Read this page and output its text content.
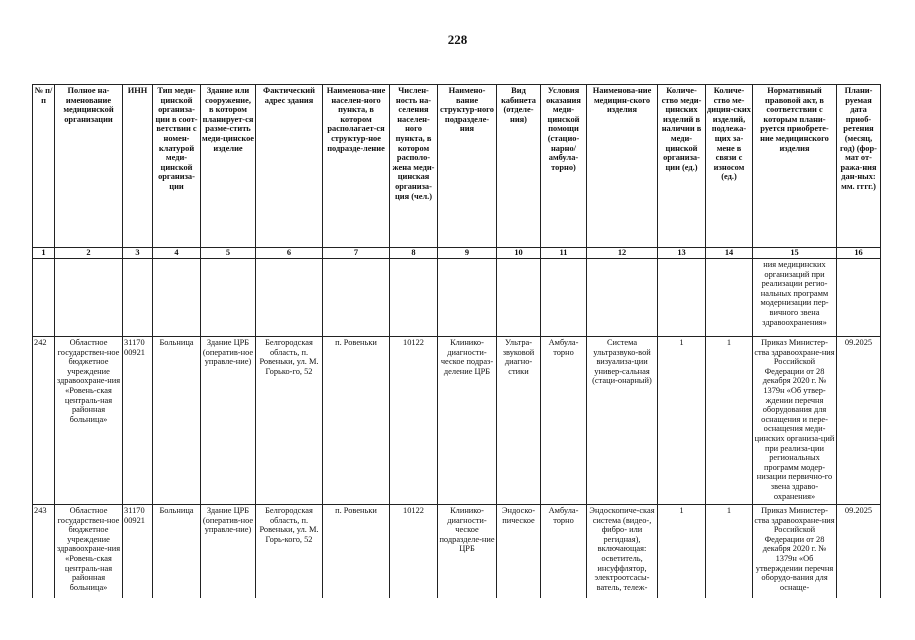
228
№ п/п	Полное на-именование медицинской организации	ИНН	Тип меди-цинской организа-ции в соот-ветствии с номен-клатурой меди-цинской организа-ции	Здание или сооружение, в котором планирует-ся разме-стить меди-цинское изделие	Фактический адрес здания	Наименова-ние населен-ного пункта, в котором располагает-ся структур-ное подразде-ление	Числен-ность на-селения населен-ного пункта, в котором располо-жена меди-цинская организа-ция (чел.)	Наимено-вание структур-ного подразделе-ния	Вид кабинета (отделе-ния)	Условия оказания меди-цинской помощи (стацио-нарно/ амбула-торно)	Наименова-ние медицин-ского изделия	Количе-ство меди-цинских изделий в наличии в меди-цинской организа-ции (ед.)	Количе-ство ме-дицин-ских изделий, подлежа-щих за-мене в связи с износом (ед.)	Нормативный правовой акт, в соответствии с которым плани-руется приобрете-ние медицинского изделия	Плани-руемая дата приоб-ретения (месяц, год) (фор-мат от-ража-ния дан-ных: мм. гггг.)
1	2	3	4	5	6	7	8	9	10	11	12	13	14	15	16
														ния медицинских организаций при реализации регио-нальных программ модернизации пер-вичного звена здравоохранения»	
242	Областное государствен-ное бюджетное учреждение здравоохране-ния «Ровень-ская централь-ная районная больница»	31170 00921	Больница	Здание ЦРБ (оператив-ное управле-ние)	Белгородская область, п. Ровеньки, ул. М. Горько-го, 52	п. Ровеньки	10122	Клинико-диагности-ческое подраз-деление ЦРБ	Ультра-звуковой диагно-стики	Амбула-торно	Система ультразвуко-вой визуализа-ции универ-сальная (стаци-онарный)	1	1	Приказ Министер-ства здравоохране-ния Российской Федерации от 28 декабря 2020 г. № 1379н «Об утвер-ждении перечня оборудования для оснащения и пере-оснащения меди-цинских организа-ций при реализа-ции региональных программ модер-низации первично-го звена здраво-охранения»	09.2025
243	Областное государствен-ное бюджетное учреждение здравоохране-ния «Ровень-ская централь-ная районная больница»	31170 00921	Больница	Здание ЦРБ (оператив-ное управле-ние)	Белгородская область, п. Ровеньки, ул. М. Горь-кого, 52	п. Ровеньки	10122	Клинико-диагности-ческое подразделе-ние ЦРБ	Эндоско-пическое	Амбула-торно	Эндоскопиче-ская система (видео-, фибро- или регидная), включающая: осветитель, инсуффлятор, электроотсасы-ватель, тележ-	1	1	Приказ Министер-ства здравоохране-ния Российской Федерации от 28 декабря 2020 г. № 1379н «Об утверждении перечня оборудо-вания для оснаще-	09.2025
